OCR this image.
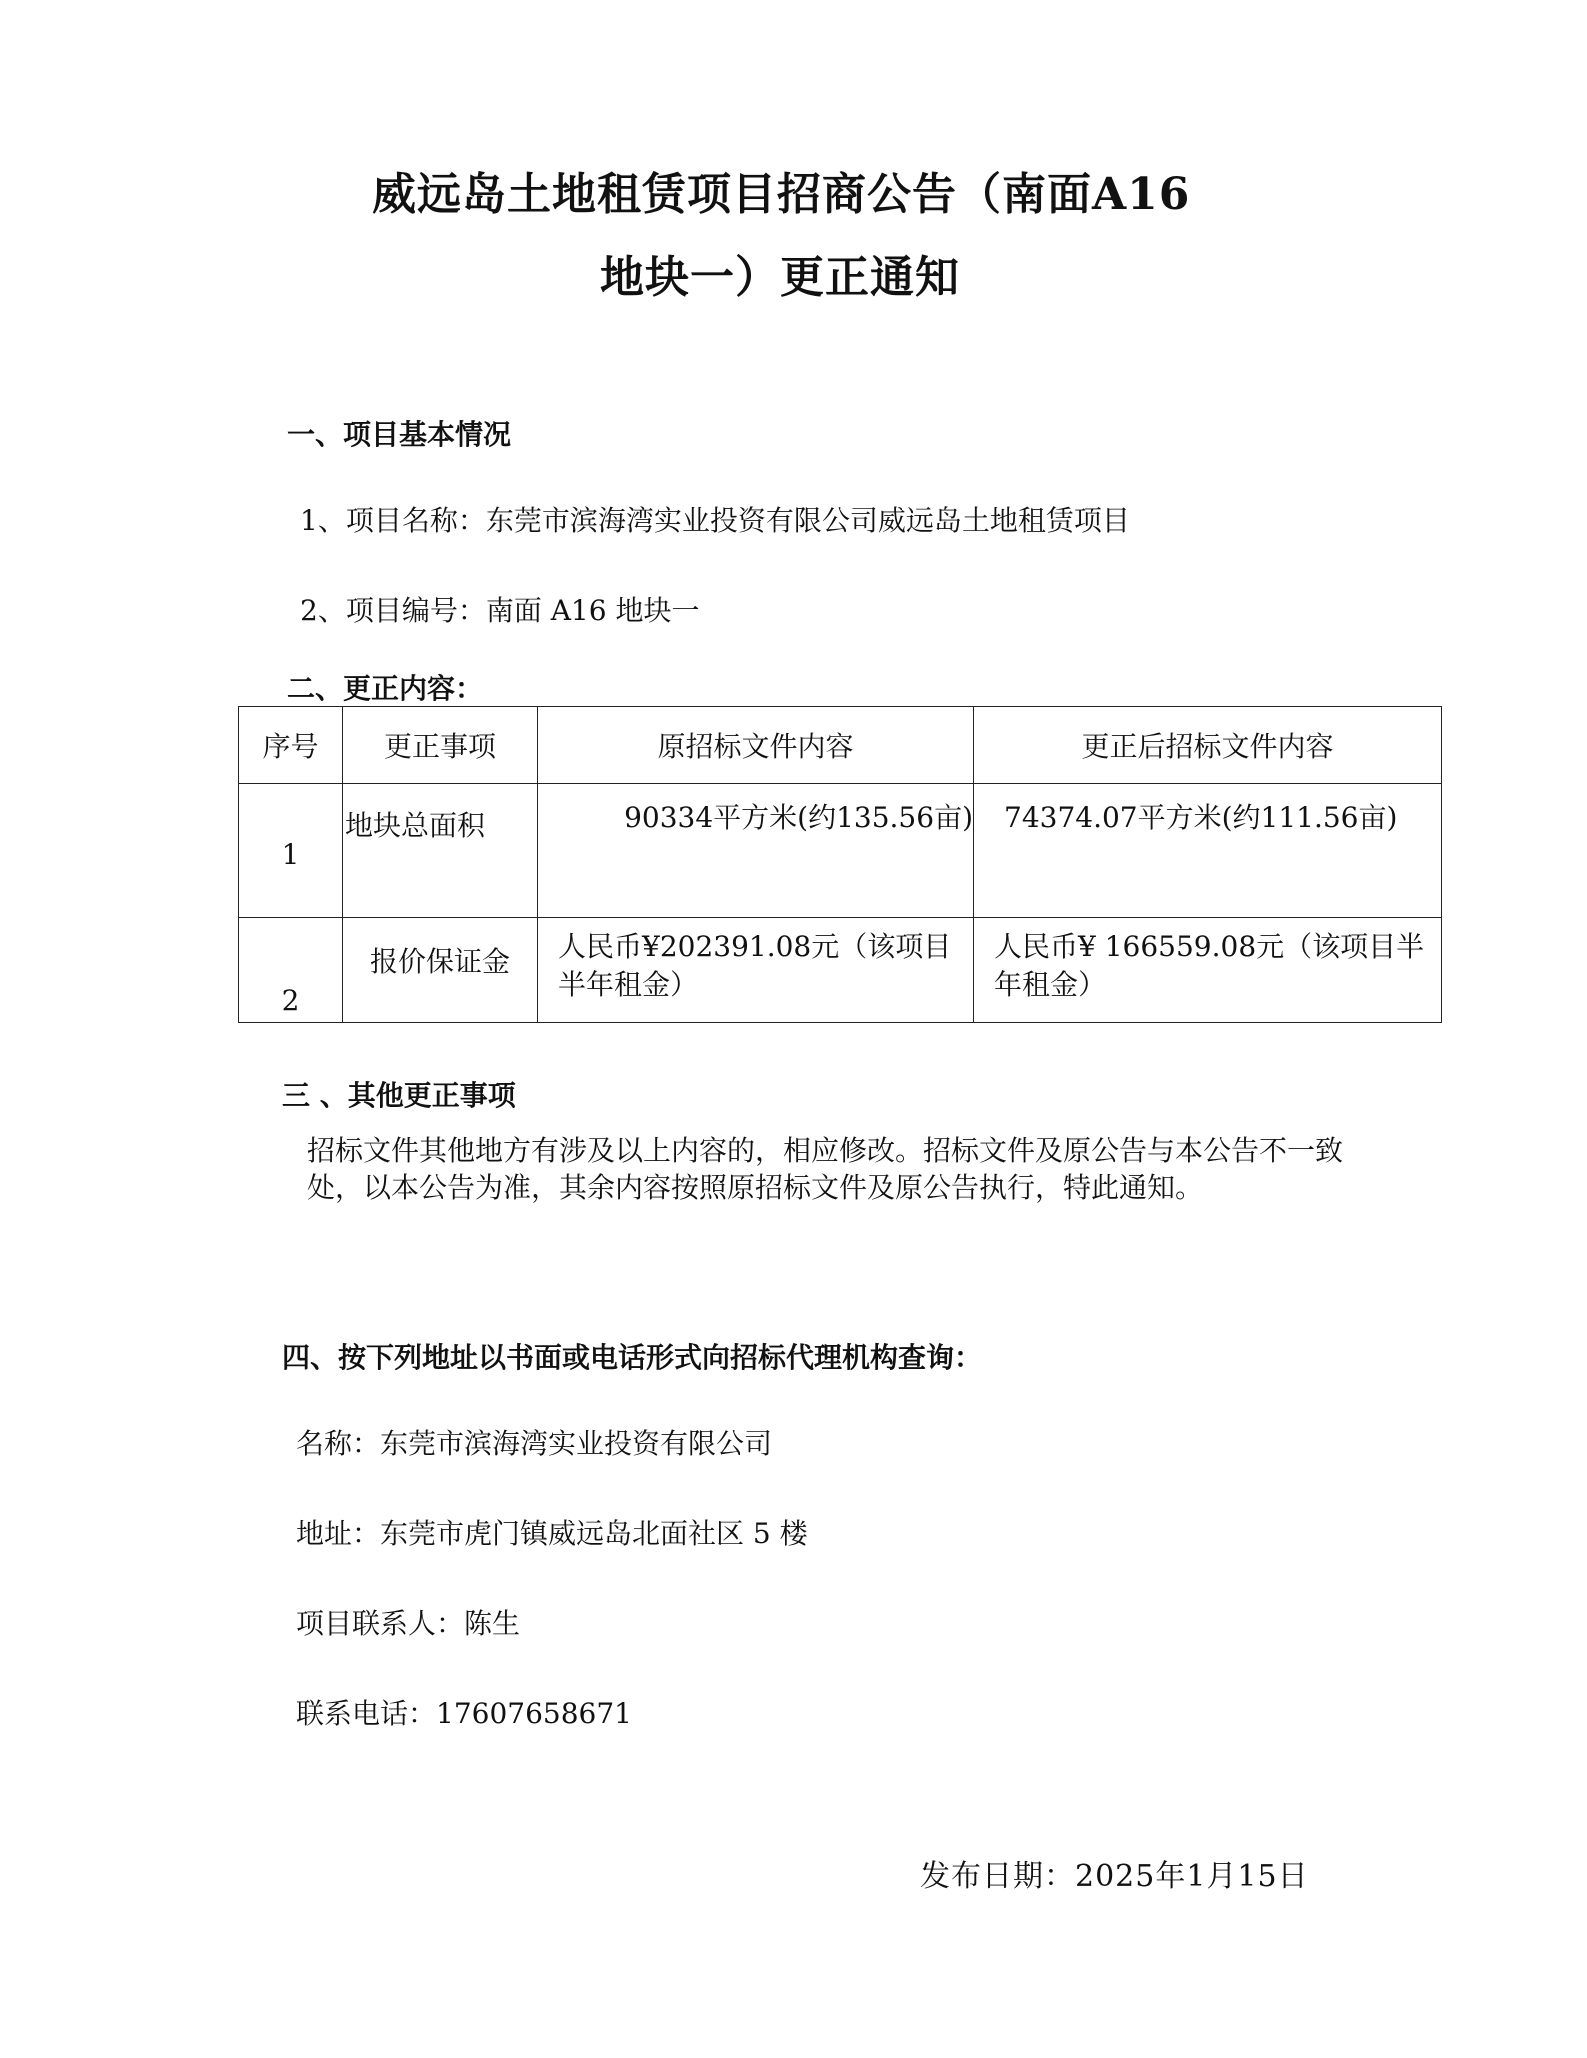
威远岛土地租赁项目招商公告（南面A16
地块一）更正通知
一、项目基本情况
1、项目名称：东莞市滨海湾实业投资有限公司威远岛土地租赁项目
2、项目编号：南面 A16 地块一
二、更正内容：
序号	更正事项	原招标文件内容	更正后招标文件内容

1	地块总面积	90334平方米(约135.56亩)	74374.07平方米(约111.56亩)

2	报价保证金	人民币¥202391.08元（该项目半年租金）	人民币¥ 166559.08元（该项目半年租金）
三 、其他更正事项
招标文件其他地方有涉及以上内容的，相应修改。招标文件及原公告与本公告不一致处，以本公告为准，其余内容按照原招标文件及原公告执行，特此通知。
四、按下列地址以书面或电话形式向招标代理机构查询：
名称：东莞市滨海湾实业投资有限公司
地址：东莞市虎门镇威远岛北面社区 5 楼
项目联系人：陈生
联系电话：17607658671
发布日期：2025年1月15日
